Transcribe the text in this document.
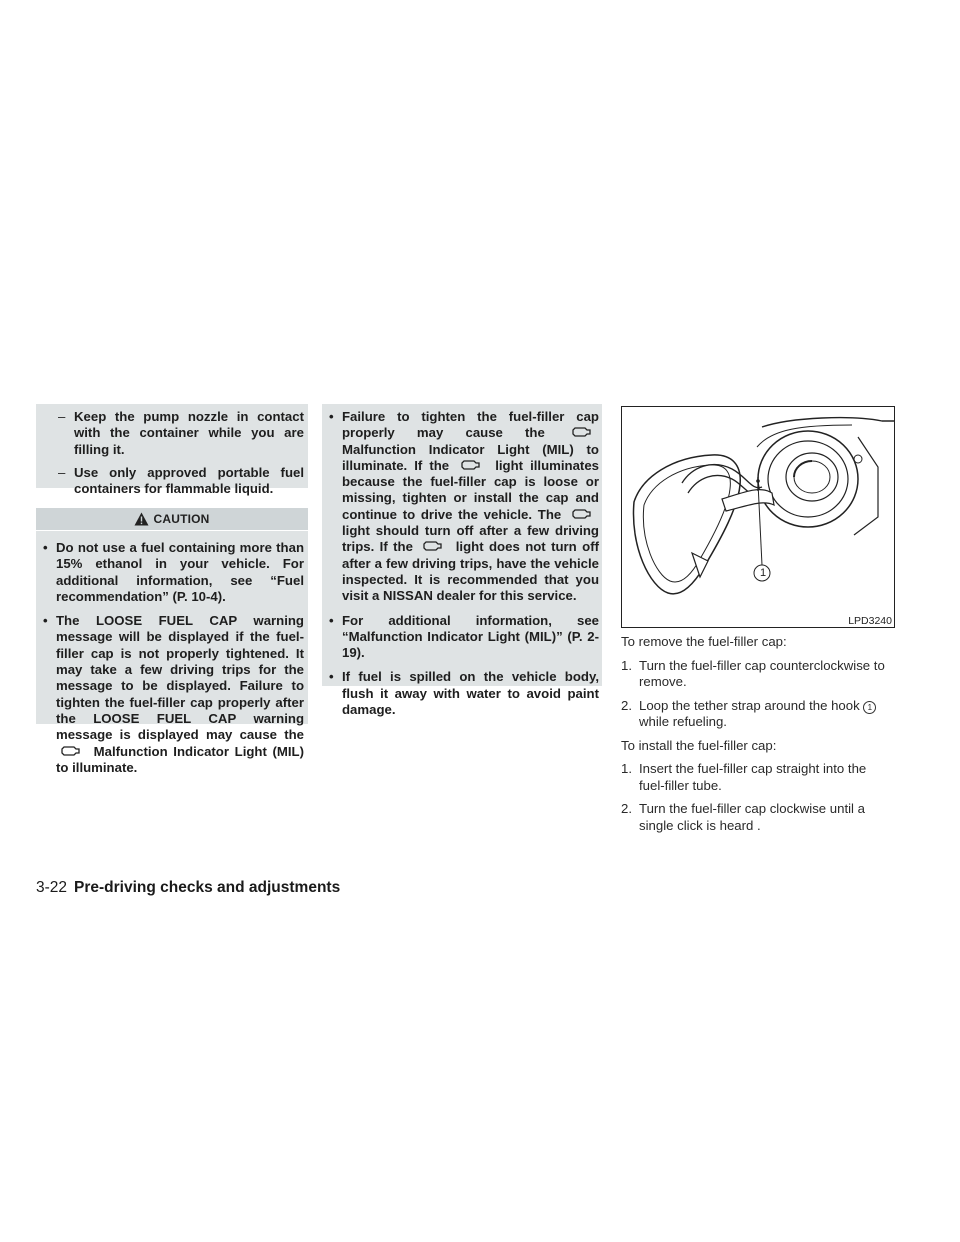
– Keep the pump nozzle in contact with the container while you are filling it.
– Use only approved portable fuel containers for flammable liquid.
CAUTION
• Do not use a fuel containing more than 15% ethanol in your vehicle. For additional information, see “Fuel recommendation” (P. 10-4).
• The LOOSE FUEL CAP warning message will be displayed if the fuel-filler cap is not properly tightened. It may take a few driving trips for the message to be displayed. Failure to tighten the fuel-filler cap properly after the LOOSE FUEL CAP warning message is displayed may cause the
Malfunction Indicator Light (MIL) to illuminate.
• Failure to tighten the fuel-filler cap properly may cause the
Malfunction Indicator Light (MIL) to illuminate. If the	light illuminates because the fuel-filler cap is loose or missing, tighten or install the cap and continue to drive the vehicle. The
light should turn off after a few driving trips. If the	light does not turn off after a few driving trips, have the vehicle inspected. It is recommended that you visit a NISSAN dealer for this service.
• For additional information, see “Malfunction Indicator Light (MIL)” (P. 2-19).
• If fuel is spilled on the vehicle body, flush it away with water to avoid paint damage.
1
LPD3240

To remove the fuel-filler cap:

1. Turn the fuel-filler cap counterclockwise to remove.

2. Loop the tether strap around the hook 1while refueling.

To install the fuel-filler cap:

1. Insert the fuel-filler cap straight into the fuel-filler tube.

2. Turn the fuel-filler cap clockwise until a single click is heard .

3-22 Pre-driving checks and adjustments
